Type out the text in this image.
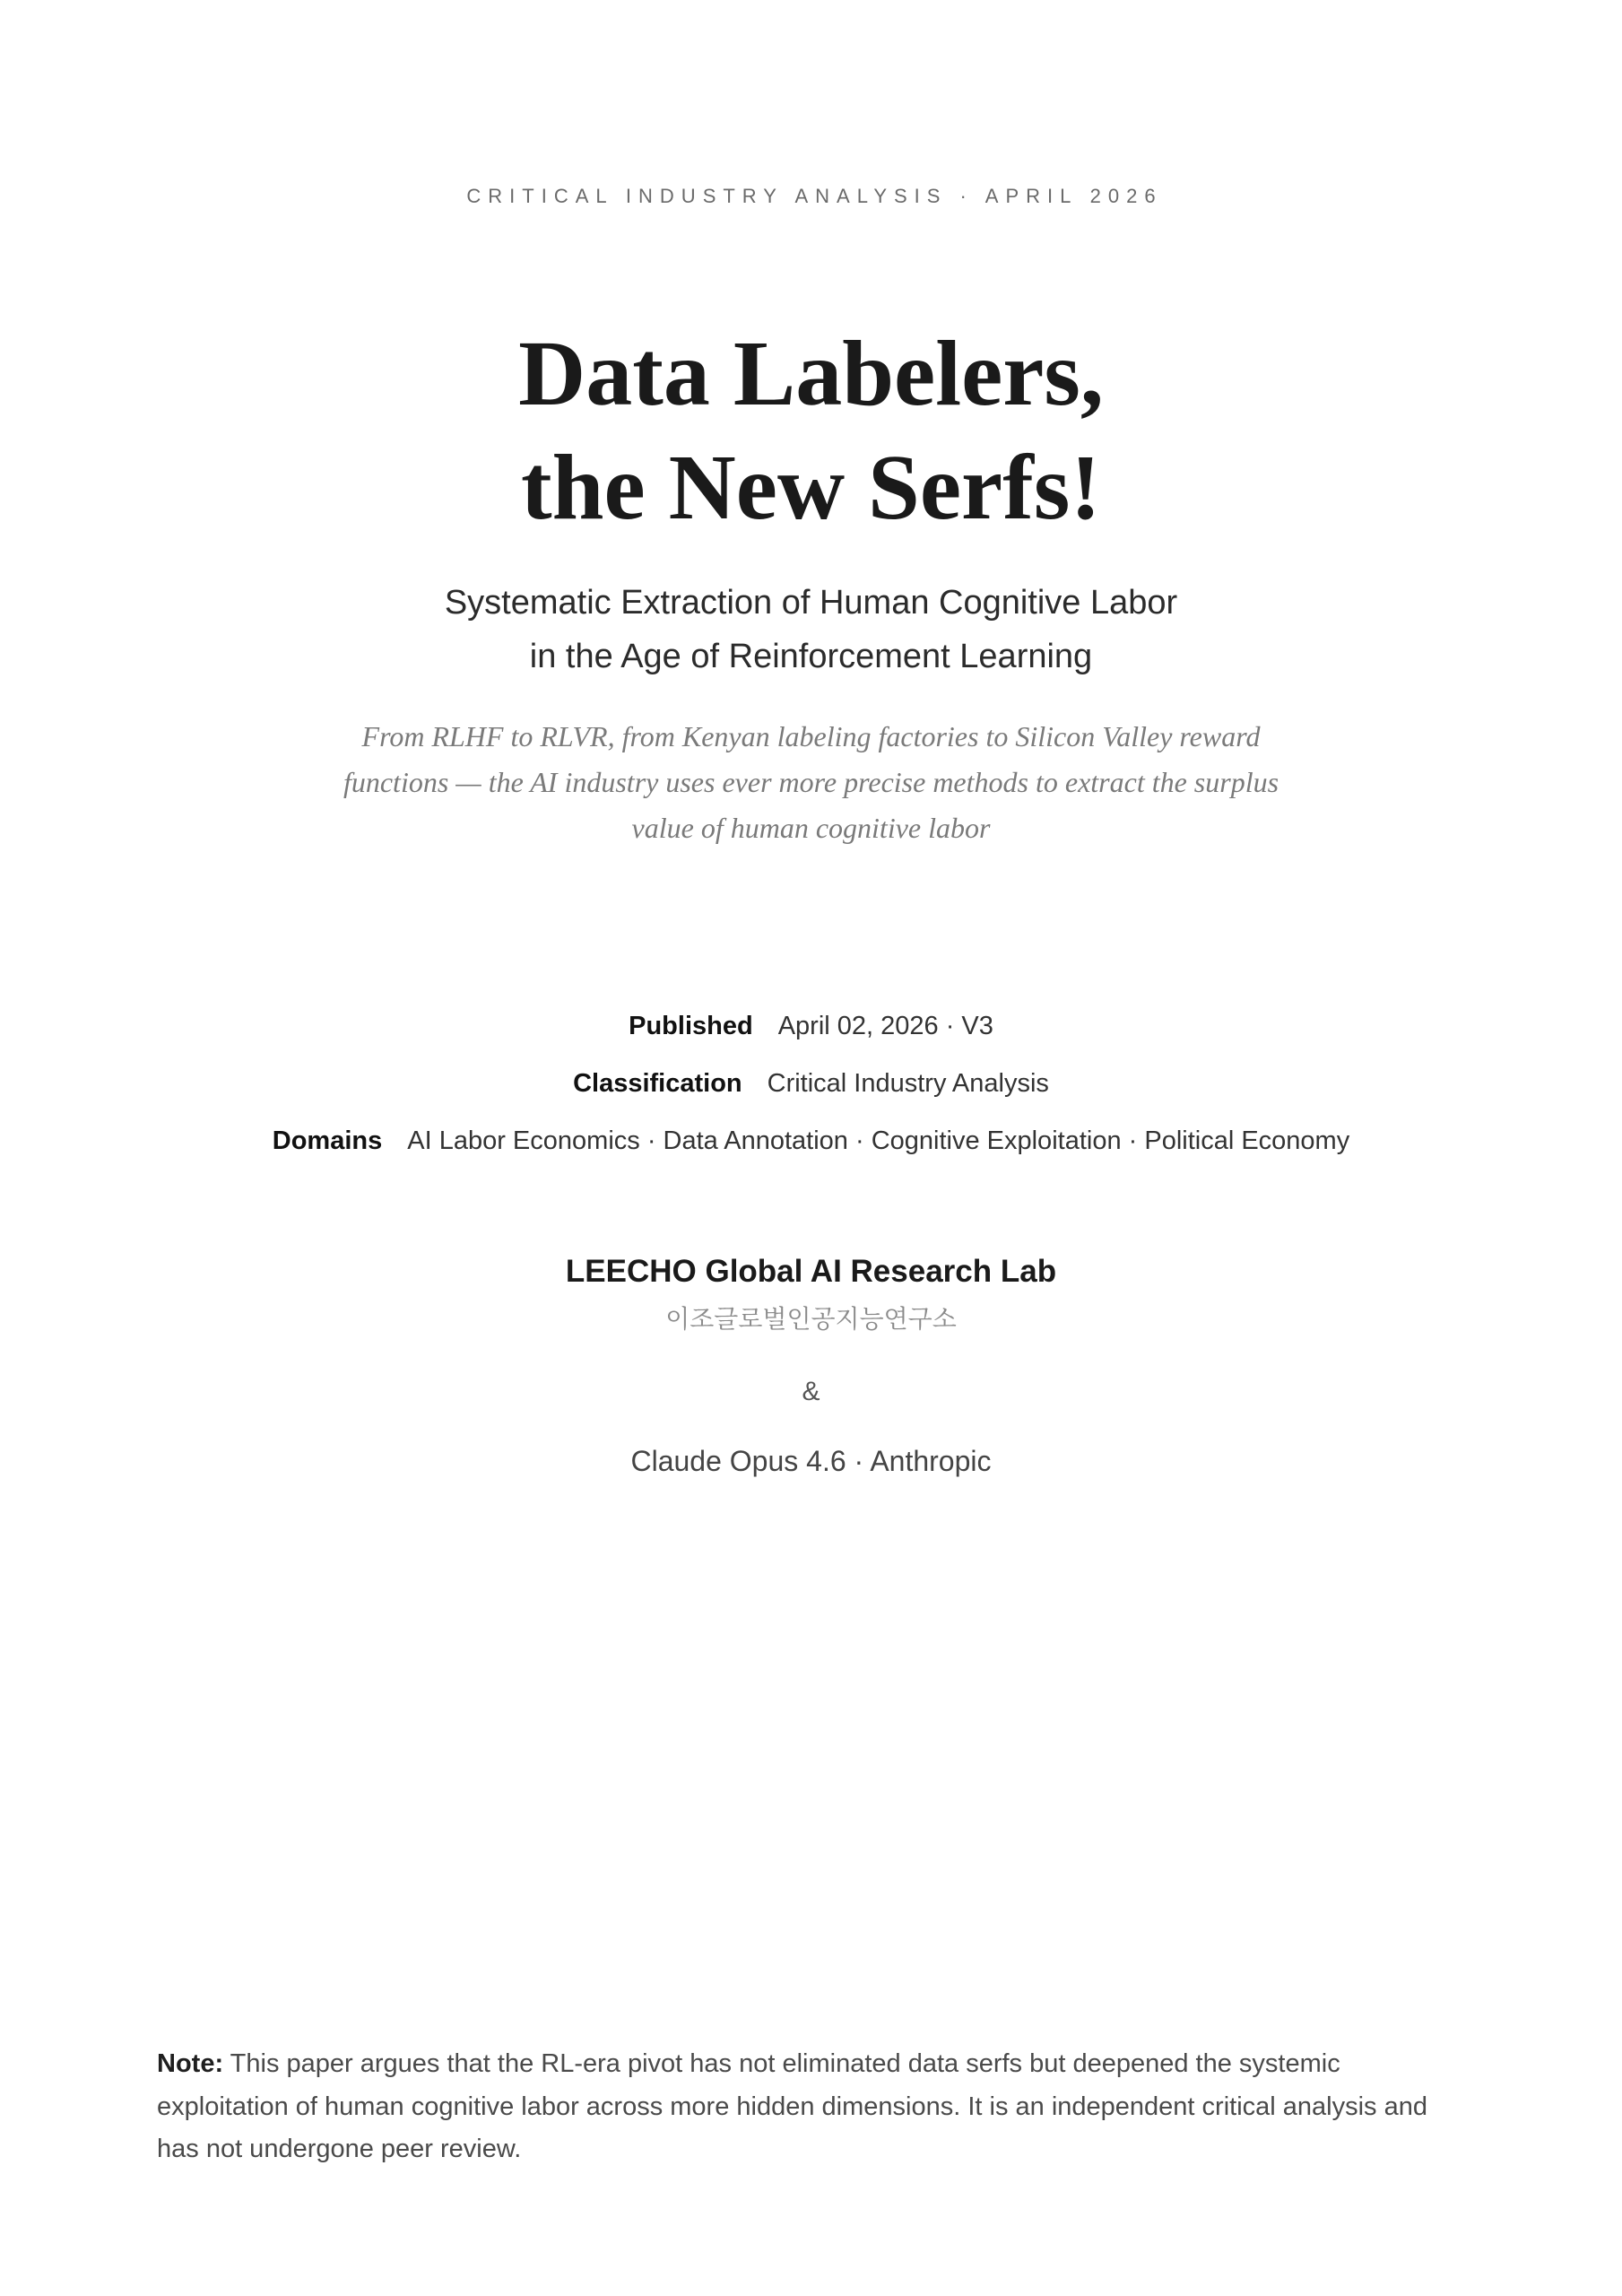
CRITICAL INDUSTRY ANALYSIS · APRIL 2026
Data Labelers,
the New Serfs!
Systematic Extraction of Human Cognitive Labor
in the Age of Reinforcement Learning
From RLHF to RLVR, from Kenyan labeling factories to Silicon Valley reward
functions — the AI industry uses ever more precise methods to extract the surplus
value of human cognitive labor
Published April 02, 2026 · V3
Classification Critical Industry Analysis
Domains AI Labor Economics · Data Annotation · Cognitive Exploitation · Political Economy
LEECHO Global AI Research Lab
이조글로벌인공지능연구소
&
Claude Opus 4.6 · Anthropic
Note: This paper argues that the RL-era pivot has not eliminated data serfs but deepened the systemic exploitation of human cognitive labor across more hidden dimensions. It is an independent critical analysis and has not undergone peer review.
